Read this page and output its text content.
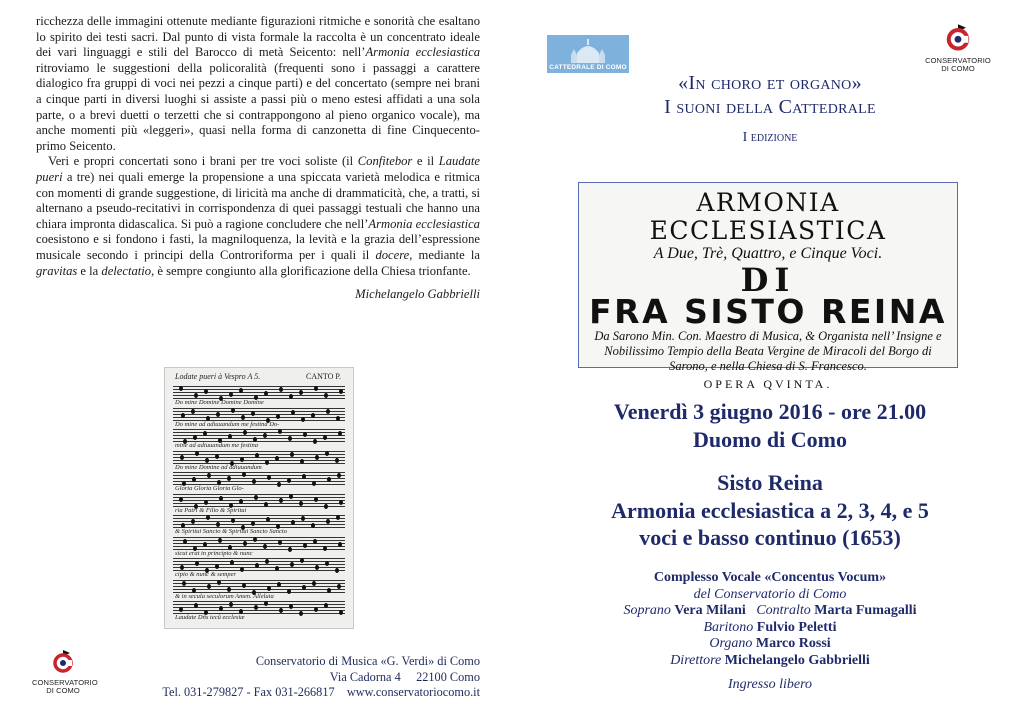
ricchezza delle immagini ottenute mediante figurazioni ritmiche e sonorità che esaltano lo spirito dei testi sacri. Dal punto di vista formale la raccolta è un concentrato ideale dei vari linguaggi e stili del Barocco di metà Seicento: nell’Armonia ecclesiastica ritroviamo le suggestioni della policoralità (frequenti sono i passaggi a carattere dialogico fra gruppi di voci nei pezzi a cinque parti) e del concertato (sempre nei brani a cinque parti in diversi luoghi si assiste a passi più o meno estesi affidati a una sola parte, o a brevi duetti o terzetti che si contrappongono al pieno organico vocale), ma anche momenti più «leggeri», quasi nella forma di canzonetta di fine Cinquecento-primo Seicento.

Veri e propri concertati sono i brani per tre voci soliste (il Confitebor e il Laudate pueri a tre) nei quali emerge la propensione a una spiccata varietà melodica e ritmica con momenti di grande suggestione, di liricità ma anche di drammaticità, che, a tratti, si alternano a pseudo-recitativi in corrispondenza di quei passaggi testuali che hanno una chiara impronta didascalica. Si può a ragione concludere che nell’Armonia ecclesiastica coesistono e si fondono i fasti, la magniloquenza, la levità e la grazia dell’espressione musicale secondo i principi della Controriforma per i quali il docere, mediante la gravitas e la delectatio, è sempre congiunto alla glorificazione della Chiesa trionfante.

Michelangelo Gabbrielli
Lodate pueri à Vespro A 5.	CANTO P.
Do mine Domine Domine Domine
Do mine ad adiuuandum me festina Do-
mine ad adiuuandum me festina
Do mine Domine ad adiuuandum
Gloria Gloria Gloria Glo-
ria Patri & Filio & Spiritui
& Spiritui Sancto & Spiritui Sancto Sancto
sicut erat in principio & nunc
cipio & nunc & semper
& in secula seculorum Amen. Alleluia
Laudate Dñs tecũ ecclesiæ
CONSERVATORIO
DI COMO
Conservatorio di Musica «G. Verdi» di Como
Via Cadorna 4     22100 Como
Tel. 031-279827 - Fax 031-266817    www.conservatoriocomo.it
CATTEDRALE DI COMO
CONSERVATORIO
DI COMO
«In choro et organo»
I suoni della Cattedrale
I edizione
ARMONIA ECCLESIASTICA
A Due, Trè, Quattro, e Cinque Voci.
DI
FRA SISTO REINA
Da Sarono Min. Con. Maestro di Musica, & Organista nell’ Insigne e Nobilissimo Tempio della Beata Vergine de Miracoli del Borgo di Sarono, e nella Chiesa di S. Francesco.
OPERA QVINTA.
Venerdì 3 giugno 2016 - ore 21.00
Duomo di Como
Sisto Reina
Armonia ecclesiastica a 2, 3, 4, e 5
voci e basso continuo (1653)
Complesso Vocale «Concentus Vocum»
del Conservatorio di Como
Soprano Vera Milani Contralto Marta Fumagalli
Baritono Fulvio Peletti
Organo Marco Rossi
Direttore Michelangelo Gabbrielli
Ingresso libero
